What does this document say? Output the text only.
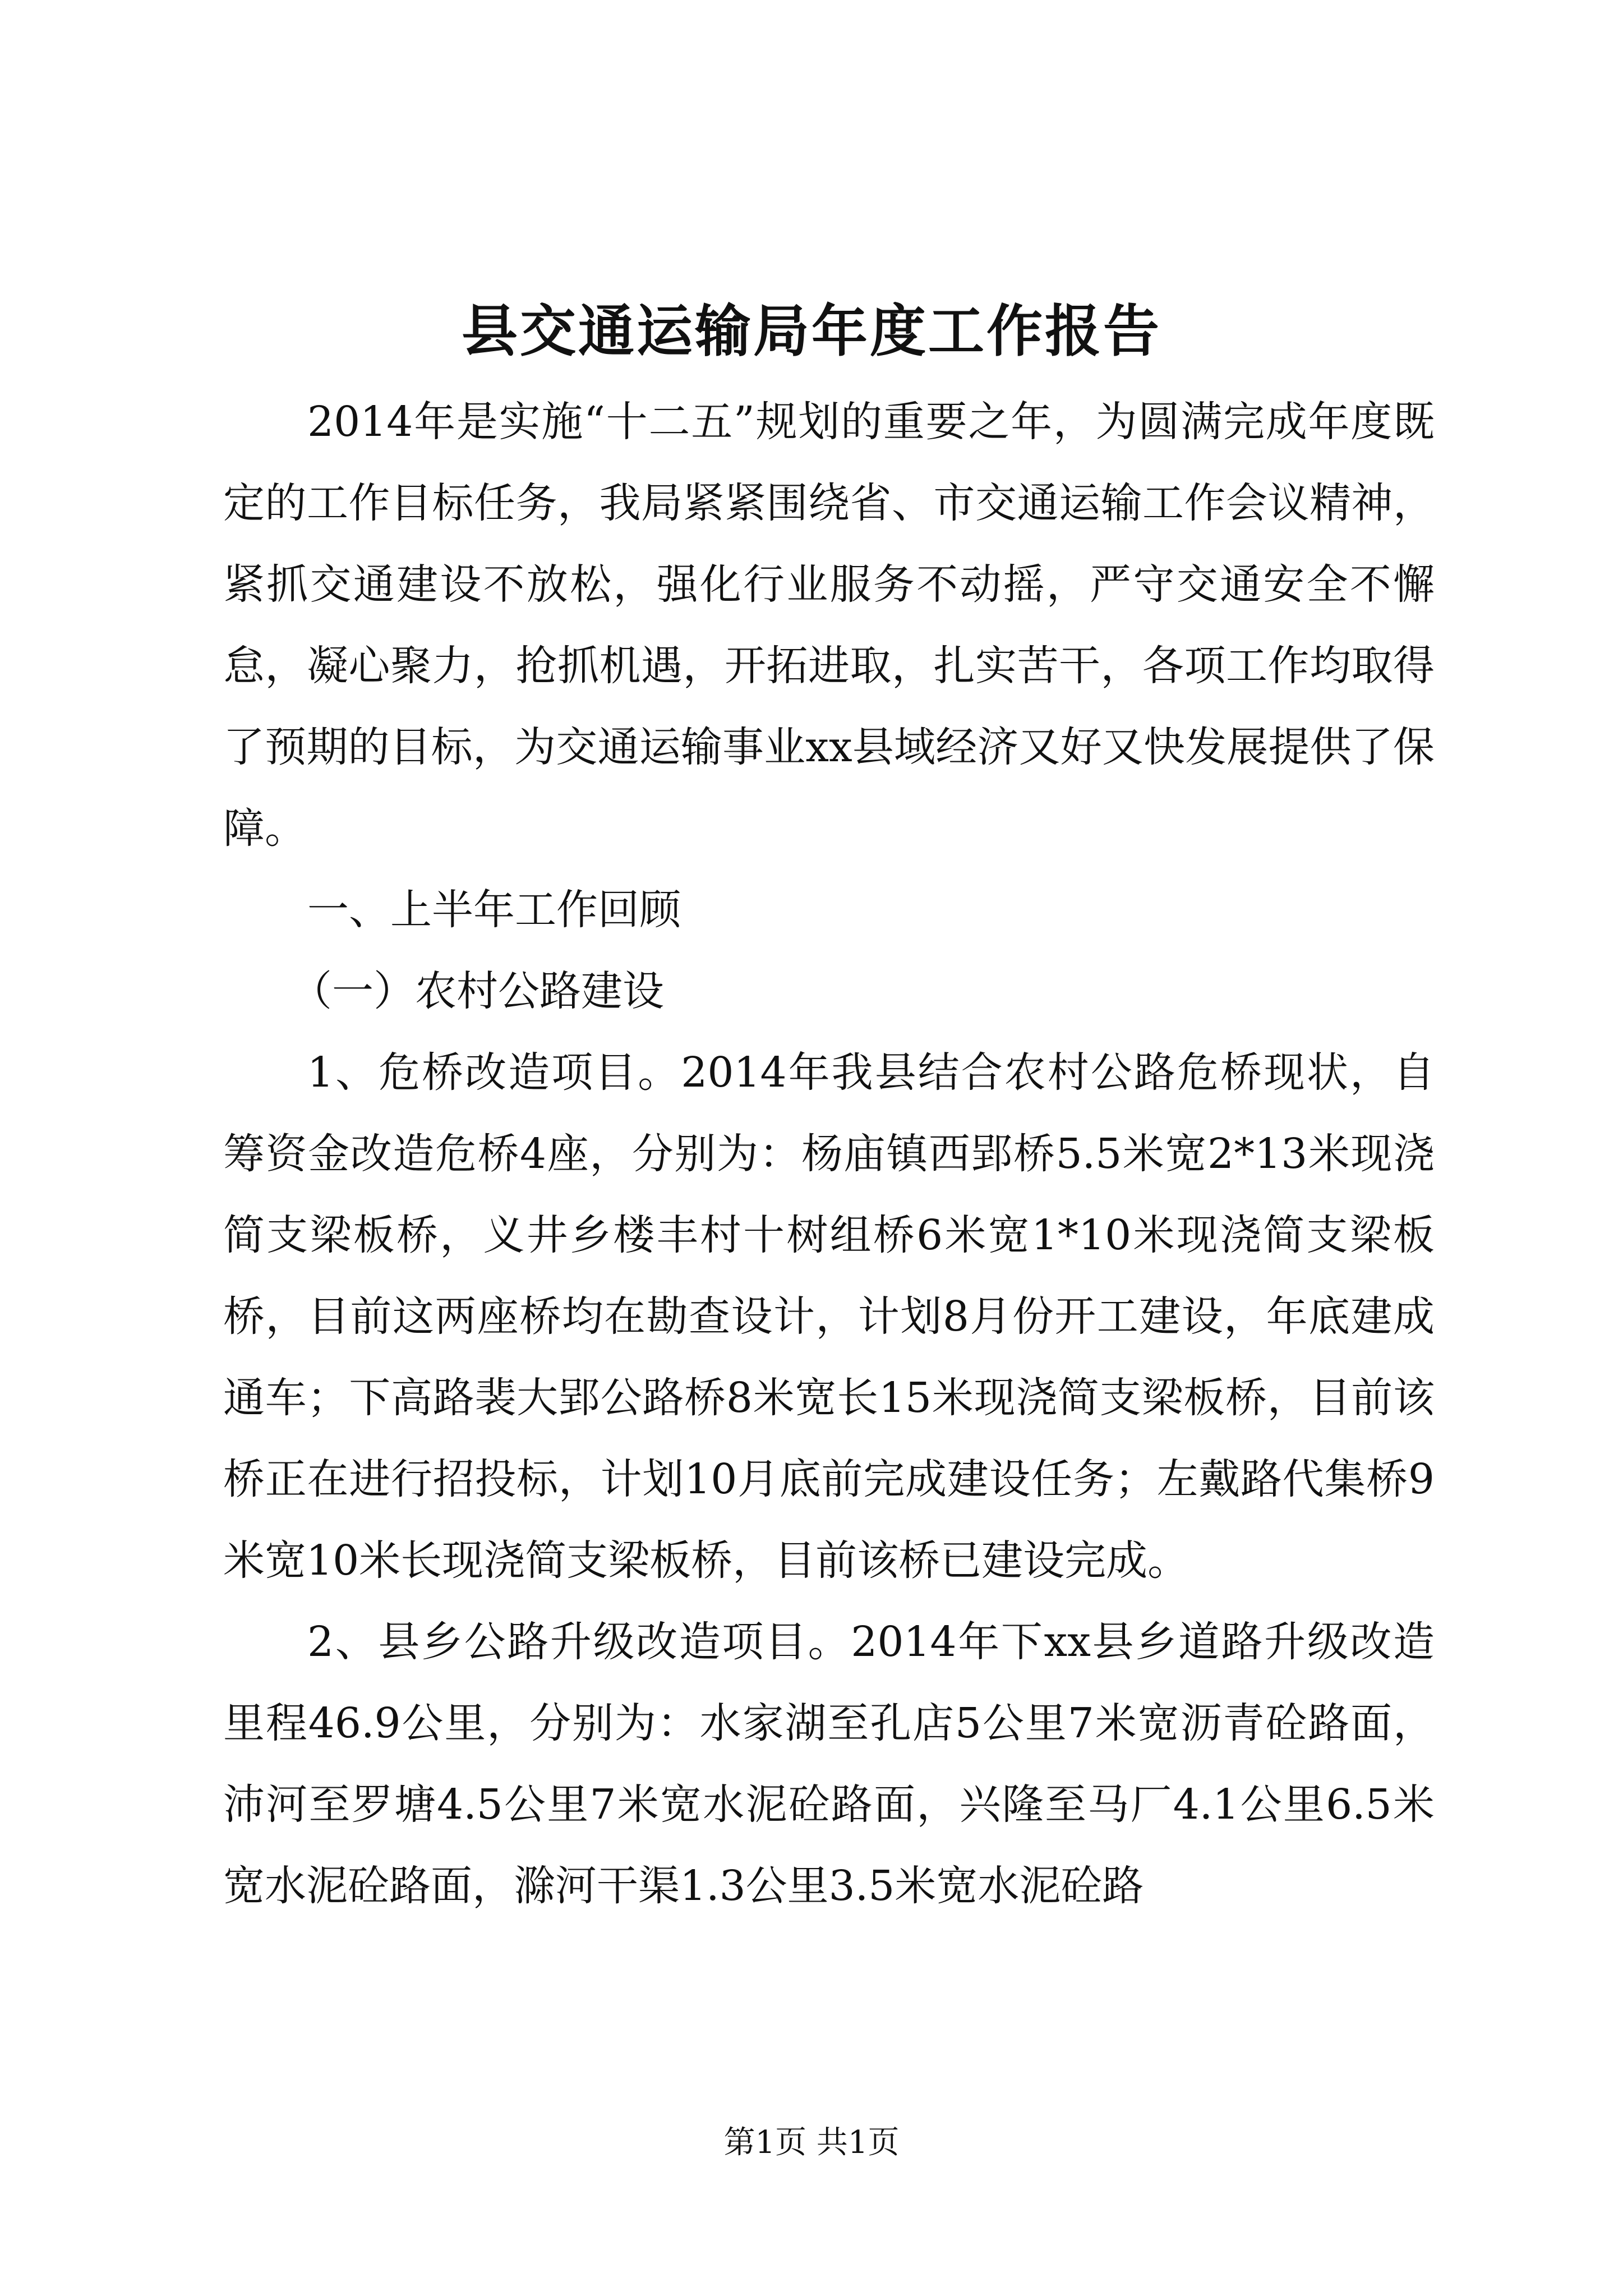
县交通运输局年度工作报告

2014年是实施“十二五”规划的重要之年，为圆满完成年度既定的工作目标任务，我局紧紧围绕省、市交通运输工作会议精神，紧抓交通建设不放松，强化行业服务不动摇，严守交通安全不懈怠，凝心聚力，抢抓机遇，开拓进取，扎实苦干，各项工作均取得了预期的目标，为交通运输事业xx县域经济又好又快发展提供了保障。

一、上半年工作回顾

（一）农村公路建设

1、危桥改造项目。2014年我县结合农村公路危桥现状，自筹资金改造危桥4座，分别为：杨庙镇西郢桥5.5米宽2*13米现浇简支梁板桥，义井乡楼丰村十树组桥6米宽1*10米现浇简支梁板桥，目前这两座桥均在勘查设计，计划8月份开工建设，年底建成通车；下高路裴大郢公路桥8米宽长15米现浇简支梁板桥，目前该桥正在进行招投标，计划10月底前完成建设任务；左戴路代集桥9米宽10米长现浇简支梁板桥，目前该桥已建设完成。

2、县乡公路升级改造项目。2014年下xx县乡道路升级改造里程46.9公里，分别为：水家湖至孔店5公里7米宽沥青砼路面，沛河至罗塘4.5公里7米宽水泥砼路面，兴隆至马厂4.1公里6.5米宽水泥砼路面，滁河干渠1.3公里3.5米宽水泥砼路

第1页 共1页
